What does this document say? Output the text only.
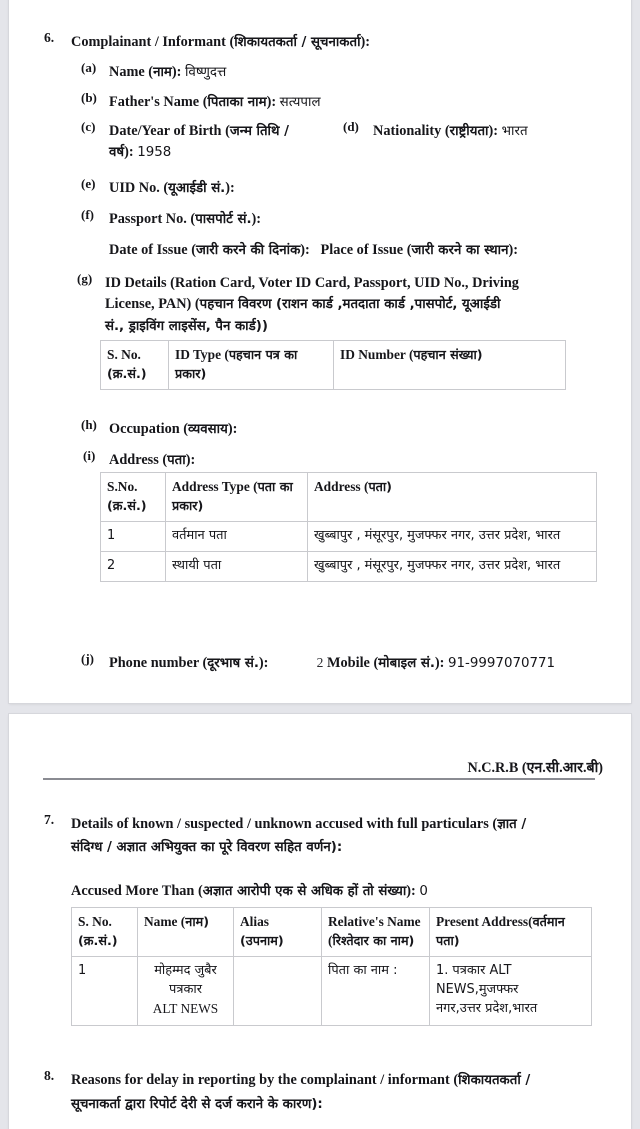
6. Complainant / Informant (शिकायतकर्ता / सूचनाकर्ता):
(a) Name (नाम): विष्णुदत्त
(b) Father's Name (पिताका नाम): सत्यपाल
(c) Date/Year of Birth (जन्म तिथि /
वर्ष): 1958
(d) Nationality (राष्ट्रीयता): भारत
(e) UID No. (यूआईडी सं.):
(f) Passport No. (पासपोर्ट सं.):
Date of Issue (जारी करने की दिनांक): Place of Issue (जारी करने का स्थान):
(g) ID Details (Ration Card, Voter ID Card, Passport, UID No., Driving
License, PAN) (पहचान विवरण (राशन कार्ड ,मतदाता कार्ड ,पासपोर्ट, यूआईडी
सं., ड्राइविंग लाइसेंस, पैन कार्ड))
S. No.
(क्र.सं.)	ID Type (पहचान पत्र का प्रकार)	ID Number (पहचान संख्या)
(h) Occupation (व्यवसाय):
(i) Address (पता):
S.No.
(क्र.सं.)	Address Type (पता का प्रकार)	Address (पता)
1	वर्तमान पता	खुब्बापुर , मंसूरपुर, मुजफ्फर नगर, उत्तर प्रदेश, भारत
2	स्थायी पता	खुब्बापुर , मंसूरपुर, मुजफ्फर नगर, उत्तर प्रदेश, भारत
(j) Phone number (दूरभाष सं.):	Mobile (मोबाइल सं.): 91-9997070771
2
N.C.R.B (एन.सी.आर.बी)
7. Details of known / suspected / unknown accused with full particulars (ज्ञात /
संदिग्ध / अज्ञात अभियुक्त का पूरे विवरण सहित वर्णन):
Accused More Than (अज्ञात आरोपी एक से अधिक हों तो संख्या): 0
S. No.
(क्र.सं.)	Name (नाम)	Alias
(उपनाम)	Relative's Name (रिश्तेदार का नाम)	Present Address(वर्तमान पता)
1	मोहम्मद जुबैर
पत्रकार
ALT NEWS		पिता का नाम :	1. पत्रकार ALT
NEWS,मुजफ्फर
नगर,उत्तर प्रदेश,भारत
8. Reasons for delay in reporting by the complainant / informant (शिकायतकर्ता /
सूचनाकर्ता द्वारा रिपोर्ट देरी से दर्ज कराने के कारण):
